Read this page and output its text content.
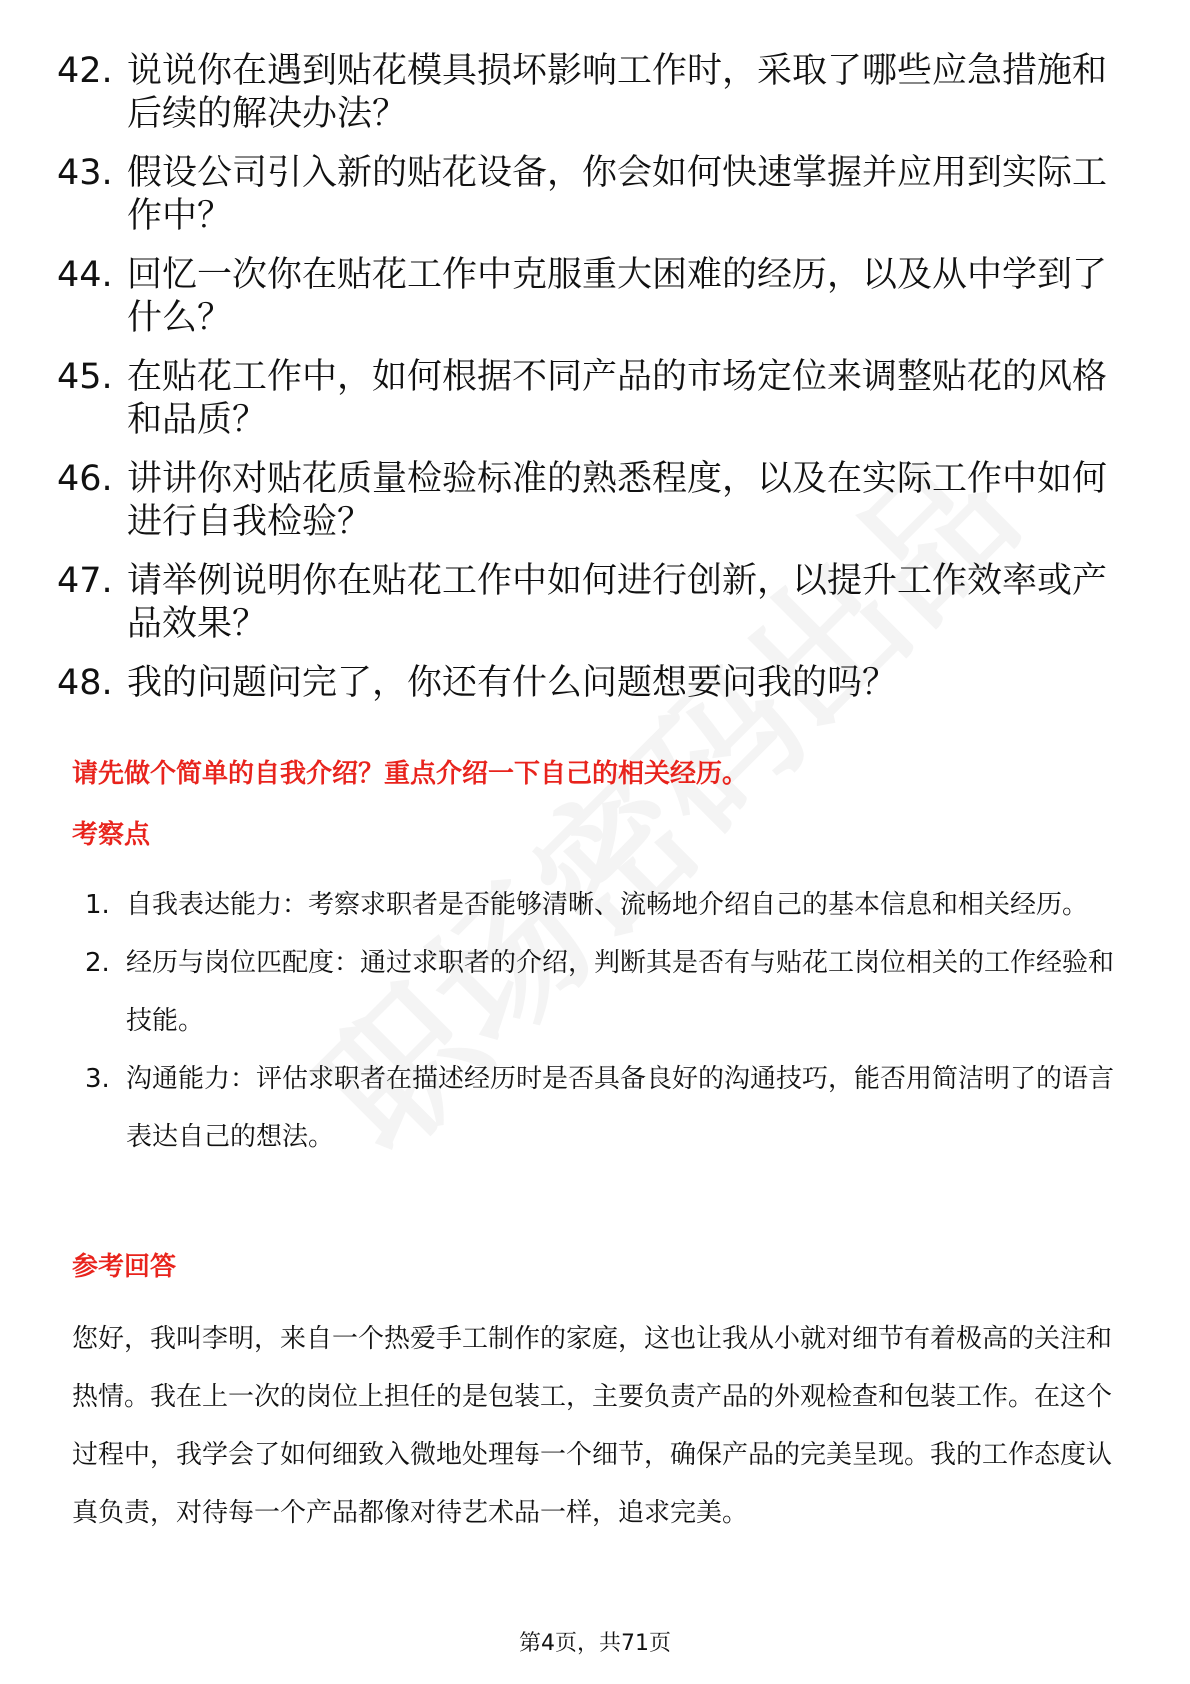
42. 说说你在遇到贴花模具损坏影响工作时，采取了哪些应急措施和后续的解决办法？
43. 假设公司引入新的贴花设备，你会如何快速掌握并应用到实际工作中？
44. 回忆一次你在贴花工作中克服重大困难的经历，以及从中学到了什么？
45. 在贴花工作中，如何根据不同产品的市场定位来调整贴花的风格和品质？
46. 讲讲你对贴花质量检验标准的熟悉程度，以及在实际工作中如何进行自我检验？
47. 请举例说明你在贴花工作中如何进行创新，以提升工作效率或产品效果？
48. 我的问题问完了，你还有什么问题想要问我的吗？
请先做个简单的自我介绍？重点介绍一下自己的相关经历。
考察点
1. 自我表达能力：考察求职者是否能够清晰、流畅地介绍自己的基本信息和相关经历。
2. 经历与岗位匹配度：通过求职者的介绍，判断其是否有与贴花工岗位相关的工作经验和技能。
3. 沟通能力：评估求职者在描述经历时是否具备良好的沟通技巧，能否用简洁明了的语言表达自己的想法。
参考回答
您好，我叫李明，来自一个热爱手工制作的家庭，这也让我从小就对细节有着极高的关注和热情。我在上一次的岗位上担任的是包装工，主要负责产品的外观检查和包装工作。在这个过程中，我学会了如何细致入微地处理每一个细节，确保产品的完美呈现。我的工作态度认真负责，对待每一个产品都像对待艺术品一样，追求完美。
第4页，共71页
